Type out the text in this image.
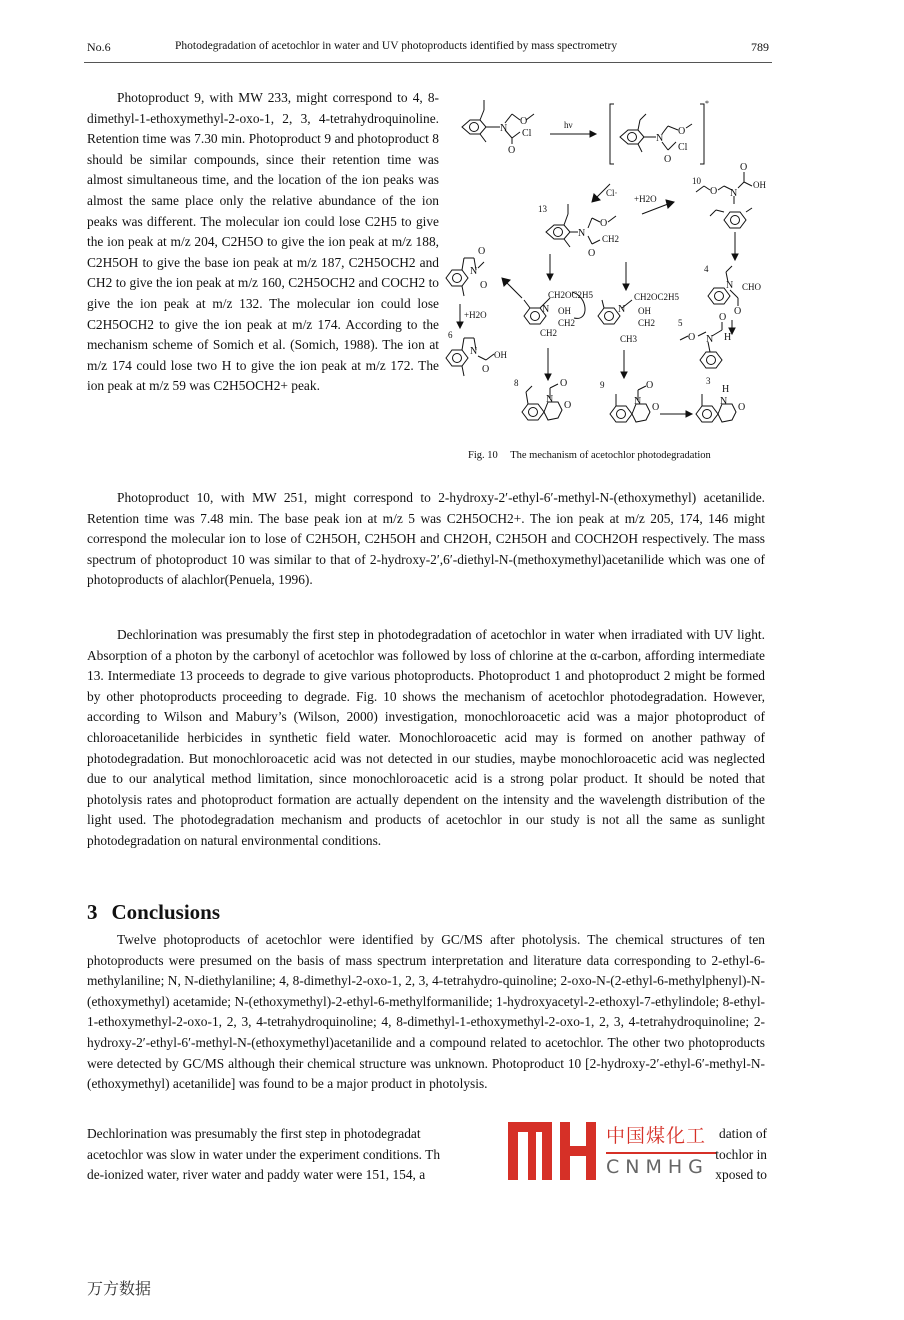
No.6	Photodegradation of acetochlor in water and UV photoproducts identified by mass spectrometry	789
Photoproduct 9, with MW 233, might correspond to 4, 8-dimethyl-1-ethoxymethyl-2-oxo-1, 2, 3, 4-tetrahydroquinoline. Retention time was 7.30 min. Photoproduct 9 and photoproduct 8 should be similar compounds, since their retention time was almost simultaneous time, and the location of the ion peaks was almost the same place only the relative abundance of the ion peaks was different. The molecular ion could lose C2H5 to give the ion peak at m/z 204, C2H5O to give the ion peak at m/z 188, C2H5OH to give the base ion peak at m/z 187, C2H5OCH2 and CH2 to give the ion peak at m/z 160, C2H5OCH2 and COCH2 to give the ion peak at m/z 132. The molecular ion could lose C2H5OCH2 to give the ion peak at m/z 174. According to the mechanism scheme of Somich et al. (Somich, 1988). The ion at m/z 174 could lose two H to give the ion peak at m/z 172. The ion peak at m/z 59 was C2H5OCH2+ peak.
N
O
O
Cl
hν
*
N
O
O
Cl
Cl·
13
N
O
O
CH2
+H2O
10
O N
O
OH
4
N CHO
O
5
O N
O
H
N
O
O
+H2O
6
N OH
O
CH2OC2H5
N OH
CH2
CH2
CH2OC2H5
N OH
CH2
CH3
8
N
O
O
9
N
O
O
3
N
H
O
Fig. 10 The mechanism of acetochlor photodegradation
Photoproduct 10, with MW 251, might correspond to 2-hydroxy-2′-ethyl-6′-methyl-N-(ethoxymethyl) acetanilide. Retention time was 7.48 min. The base peak ion at m/z 5 was C2H5OCH2+. The ion peak at m/z 205, 174, 146 might correspond the molecular ion to lose of C2H5OH, C2H5OH and CH2OH, C2H5OH and COCH2OH respectively. The mass spectrum of photoproduct 10 was similar to that of 2-hydroxy-2′,6′-diethyl-N-(methoxymethyl)acetanilide which was one of photoproducts of alachlor(Penuela, 1996).
Dechlorination was presumably the first step in photodegradation of acetochlor in water when irradiated with UV light. Absorption of a photon by the carbonyl of acetochlor was followed by loss of chlorine at the α-carbon, affording intermediate 13. Intermediate 13 proceeds to degrade to give various photoproducts. Photoproduct 1 and photoproduct 2 might be formed by other photoproducts proceeding to degrade. Fig. 10 shows the mechanism of acetochlor photodegradation. However, according to Wilson and Mabury’s (Wilson, 2000) investigation, monochloroacetic acid was a major photoproduct of chloroacetanilide herbicides in synthetic field water. Monochloroacetic acid may is formed on another pathway of photodegradation. But monochloroacetic acid was not detected in our studies, maybe monochloroacetic acid was neglected due to our analytical method limitation, since monochloroacetic acid is a strong polar product. It should be noted that photolysis rates and photoproduct formation are actually dependent on the intensity and the wavelength distribution of the light used. The photodegradation mechanism and products of acetochlor in our study is not all the same as sunlight photodegradation on natural environmental conditions.
3 Conclusions
Twelve photoproducts of acetochlor were identified by GC/MS after photolysis. The chemical structures of ten photoproducts were presumed on the basis of mass spectrum interpretation and literature data corresponding to 2-ethyl-6-methylaniline; N, N-diethylaniline; 4, 8-dimethyl-2-oxo-1, 2, 3, 4-tetrahydro-quinoline; 2-oxo-N-(2-ethyl-6-methylphenyl)-N-(ethoxymethyl) acetamide; N-(ethoxymethyl)-2-ethyl-6-methylformanilide; 1-hydroxyacetyl-2-ethoxyl-7-ethylindole; 8-ethyl-1-ethoxymethyl-2-oxo-1, 2, 3, 4-tetrahydroquinoline; 4, 8-dimethyl-1-ethoxymethyl-2-oxo-1, 2, 3, 4-tetrahydroquinoline; 2-hydroxy-2′-ethyl-6′-methyl-N-(ethoxymethyl)acetanilide and a compound related to acetochlor. The other two photoproducts were detected by GC/MS although their chemical structure was unknown. Photoproduct 10 [2-hydroxy-2′-ethyl-6′-methyl-N-(ethoxymethyl) acetanilide] was found to be a major product in photolysis.
Dechlorination was presumably the first step in photodegradat
acetochlor was slow in water under the experiment conditions. Th
de-ionized water, river water and paddy water were 151, 154, a
中国煤化工
CNMHG
dation of
tochlor in
xposed to
万方数据
